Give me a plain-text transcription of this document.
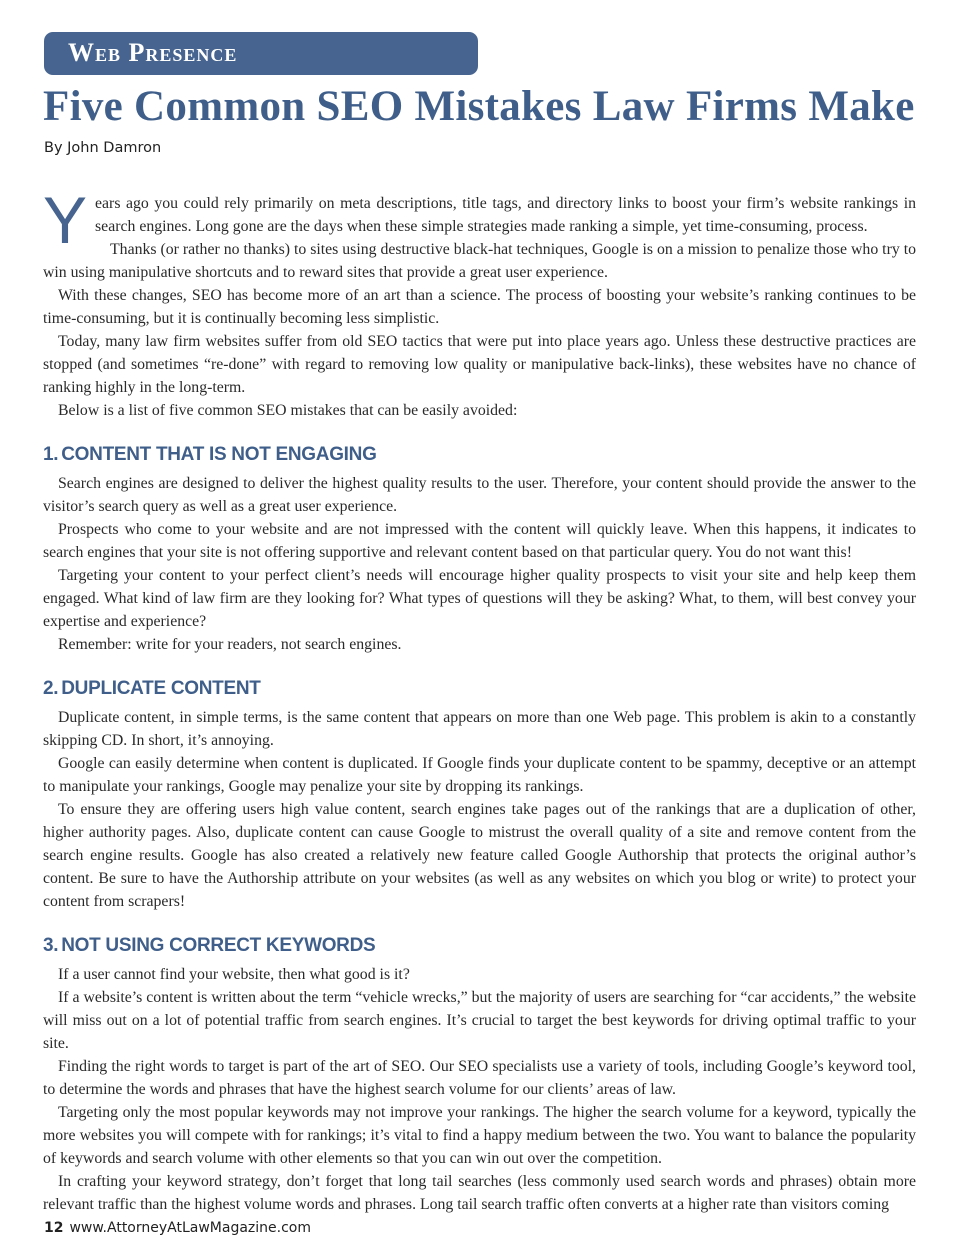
Web Presence
Five Common SEO Mistakes Law Firms Make
By John Damron

Years ago you could rely primarily on meta descriptions, title tags, and directory links to boost your firm’s website rankings in search engines. Long gone are the days when these simple strategies made ranking a simple, yet time-consuming, process.

Thanks (or rather no thanks) to sites using destructive black-hat techniques, Google is on a mission to penalize those who try to win using manipulative shortcuts and to reward sites that provide a great user experience.

With these changes, SEO has become more of an art than a science. The process of boosting your website’s ranking continues to be time-consuming, but it is continually becoming less simplistic.

Today, many law firm websites suffer from old SEO tactics that were put into place years ago. Unless these destructive practices are stopped (and sometimes “re-done” with regard to removing low quality or manipulative back-links), these websites have no chance of ranking highly in the long-term.

Below is a list of five common SEO mistakes that can be easily avoided:

1. CONTENT THAT IS NOT ENGAGING

Search engines are designed to deliver the highest quality results to the user. Therefore, your content should provide the answer to the visitor’s search query as well as a great user experience.

Prospects who come to your website and are not impressed with the content will quickly leave. When this happens, it indicates to search engines that your site is not offering supportive and relevant content based on that particular query. You do not want this!

Targeting your content to your perfect client’s needs will encourage higher quality prospects to visit your site and help keep them engaged. What kind of law firm are they looking for? What types of questions will they be asking? What, to them, will best convey your expertise and experience?

Remember: write for your readers, not search engines.

2. DUPLICATE CONTENT

Duplicate content, in simple terms, is the same content that appears on more than one Web page. This problem is akin to a constantly skipping CD. In short, it’s annoying.

Google can easily determine when content is duplicated. If Google finds your duplicate content to be spammy, deceptive or an attempt to manipulate your rankings, Google may penalize your site by dropping its rankings.

To ensure they are offering users high value content, search engines take pages out of the rankings that are a duplication of other, higher authority pages. Also, duplicate content can cause Google to mistrust the overall quality of a site and remove content from the search engine results. Google has also created a relatively new feature called Google Authorship that protects the original author’s content. Be sure to have the Authorship attribute on your websites (as well as any websites on which you blog or write) to protect your content from scrapers!

3. NOT USING CORRECT KEYWORDS

If a user cannot find your website, then what good is it?

If a website’s content is written about the term “vehicle wrecks,” but the majority of users are searching for “car accidents,” the website will miss out on a lot of potential traffic from search engines. It’s crucial to target the best keywords for driving optimal traffic to your site.

Finding the right words to target is part of the art of SEO. Our SEO specialists use a variety of tools, including Google’s keyword tool, to determine the words and phrases that have the highest search volume for our clients’ areas of law.

Targeting only the most popular keywords may not improve your rankings. The higher the search volume for a keyword, typically the more websites you will compete with for rankings; it’s vital to find a happy medium between the two. You want to balance the popularity of keywords and search volume with other elements so that you can win out over the competition.

In crafting your keyword strategy, don’t forget that long tail searches (less commonly used search words and phrases) obtain more relevant traffic than the highest volume words and phrases. Long tail search traffic often converts at a higher rate than visitors coming

12 www.AttorneyAtLawMagazine.com
